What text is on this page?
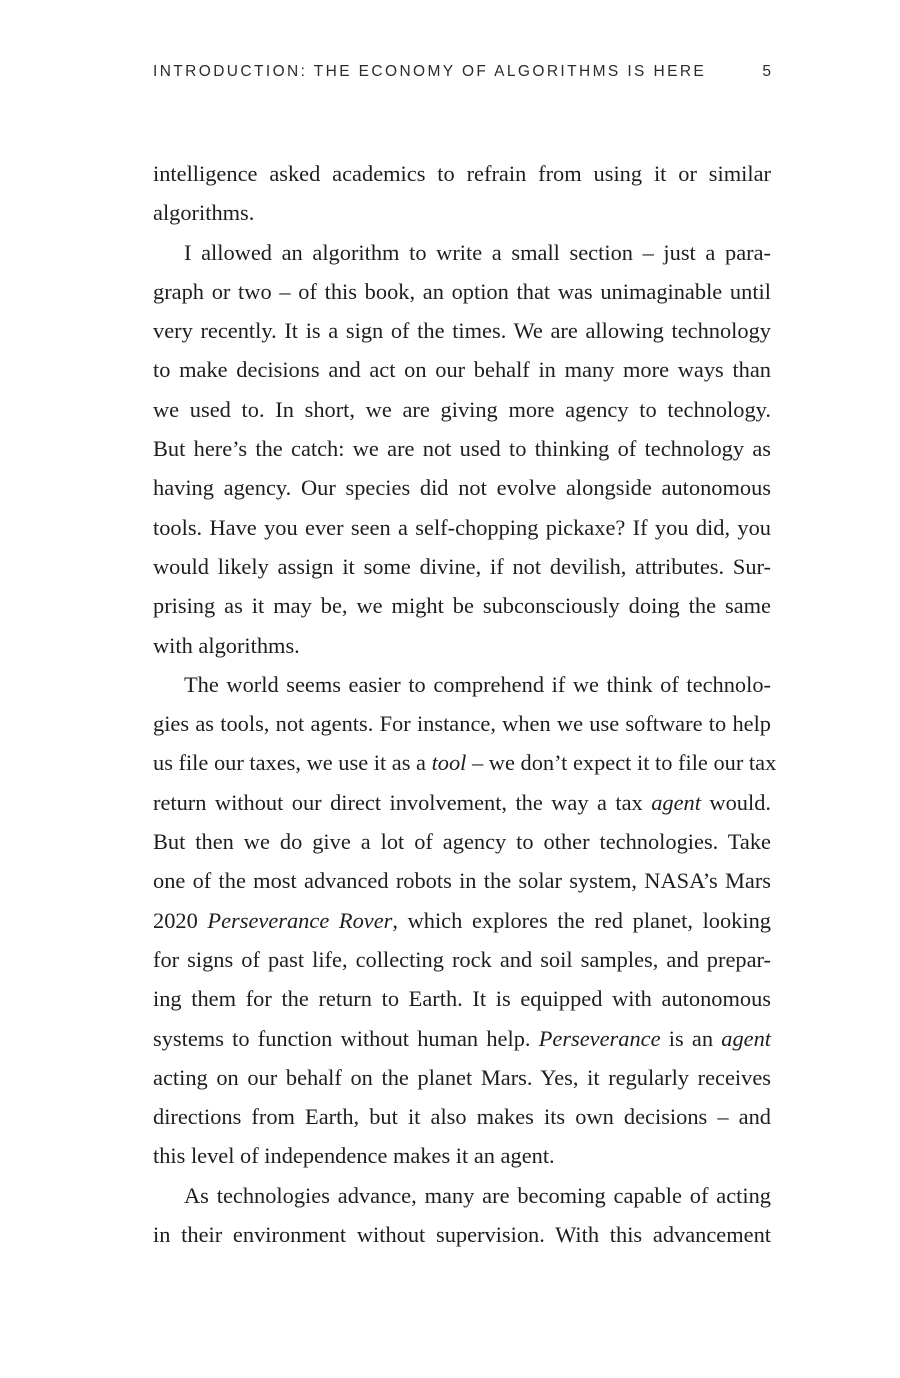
INTRODUCTION: THE ECONOMY OF ALGORITHMS IS HERE	5
intelligence asked academics to refrain from using it or similar
algorithms.
I allowed an algorithm to write a small section – just a para-
graph or two – of this book, an option that was unimaginable until
very recently. It is a sign of the times. We are allowing technology
to make decisions and act on our behalf in many more ways than
we used to. In short, we are giving more agency to technology.
But here’s the catch: we are not used to thinking of technology as
having agency. Our species did not evolve alongside autonomous
tools. Have you ever seen a self-chopping pickaxe? If you did, you
would likely assign it some divine, if not devilish, attributes. Sur-
prising as it may be, we might be subconsciously doing the same
with algorithms.
The world seems easier to comprehend if we think of technolo-
gies as tools, not agents. For instance, when we use software to help
us file our taxes, we use it as a tool – we don’t expect it to file our tax
return without our direct involvement, the way a tax agent would.
But then we do give a lot of agency to other technologies. Take
one of the most advanced robots in the solar system, NASA’s Mars
2020 Perseverance Rover, which explores the red planet, looking
for signs of past life, collecting rock and soil samples, and prepar-
ing them for the return to Earth. It is equipped with autonomous
systems to function without human help. Perseverance is an agent
acting on our behalf on the planet Mars. Yes, it regularly receives
directions from Earth, but it also makes its own decisions – and
this level of independence makes it an agent.
As technologies advance, many are becoming capable of acting
in their environment without supervision. With this advancement
